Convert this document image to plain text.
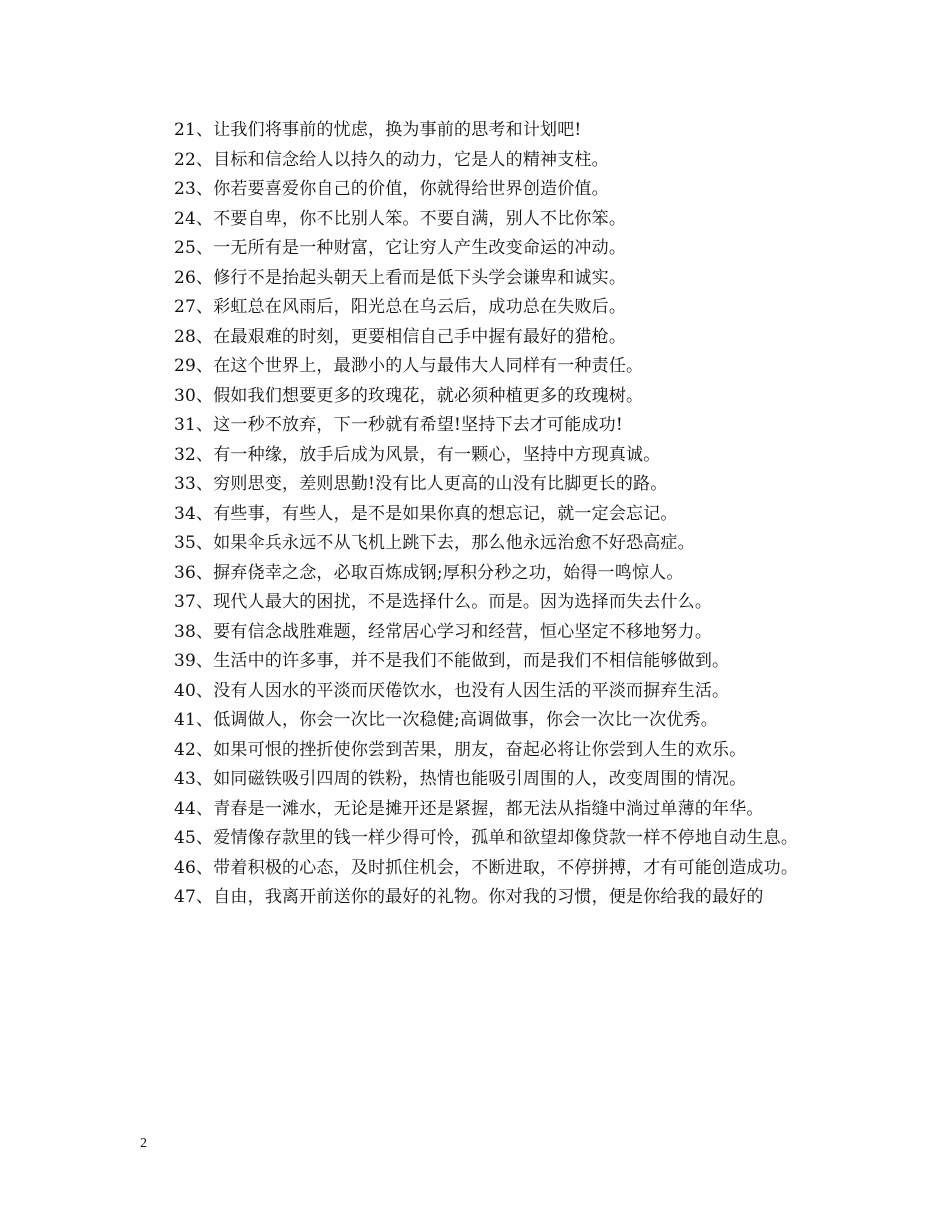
21、让我们将事前的忧虑，换为事前的思考和计划吧!

22、目标和信念给人以持久的动力，它是人的精神支柱。

23、你若要喜爱你自己的价值，你就得给世界创造价值。

24、不要自卑，你不比别人笨。不要自满，别人不比你笨。

25、一无所有是一种财富，它让穷人产生改变命运的冲动。

26、修行不是抬起头朝天上看而是低下头学会谦卑和诚实。

27、彩虹总在风雨后，阳光总在乌云后，成功总在失败后。

28、在最艰难的时刻，更要相信自己手中握有最好的猎枪。

29、在这个世界上，最渺小的人与最伟大人同样有一种责任。

30、假如我们想要更多的玫瑰花，就必须种植更多的玫瑰树。

31、这一秒不放弃，下一秒就有希望!坚持下去才可能成功!

32、有一种缘，放手后成为风景，有一颗心，坚持中方现真诚。

33、穷则思变，差则思勤!没有比人更高的山没有比脚更长的路。

34、有些事，有些人，是不是如果你真的想忘记，就一定会忘记。

35、如果伞兵永远不从飞机上跳下去，那么他永远治愈不好恐高症。

36、摒弃侥幸之念，必取百炼成钢;厚积分秒之功，始得一鸣惊人。

37、现代人最大的困扰，不是选择什么。而是。因为选择而失去什么。

38、要有信念战胜难题，经常居心学习和经营，恒心坚定不移地努力。

39、生活中的许多事，并不是我们不能做到，而是我们不相信能够做到。

40、没有人因水的平淡而厌倦饮水，也没有人因生活的平淡而摒弃生活。

41、低调做人，你会一次比一次稳健;高调做事，你会一次比一次优秀。

42、如果可恨的挫折使你尝到苦果，朋友，奋起必将让你尝到人生的欢乐。

43、如同磁铁吸引四周的铁粉，热情也能吸引周围的人，改变周围的情况。

44、青春是一滩水，无论是摊开还是紧握，都无法从指缝中淌过单薄的年华。

45、爱情像存款里的钱一样少得可怜，孤单和欲望却像贷款一样不停地自动生息。

46、带着积极的心态，及时抓住机会，不断进取，不停拼搏，才有可能创造成功。

47、自由，我离开前送你的最好的礼物。你对我的习惯，便是你给我的最好的

2
